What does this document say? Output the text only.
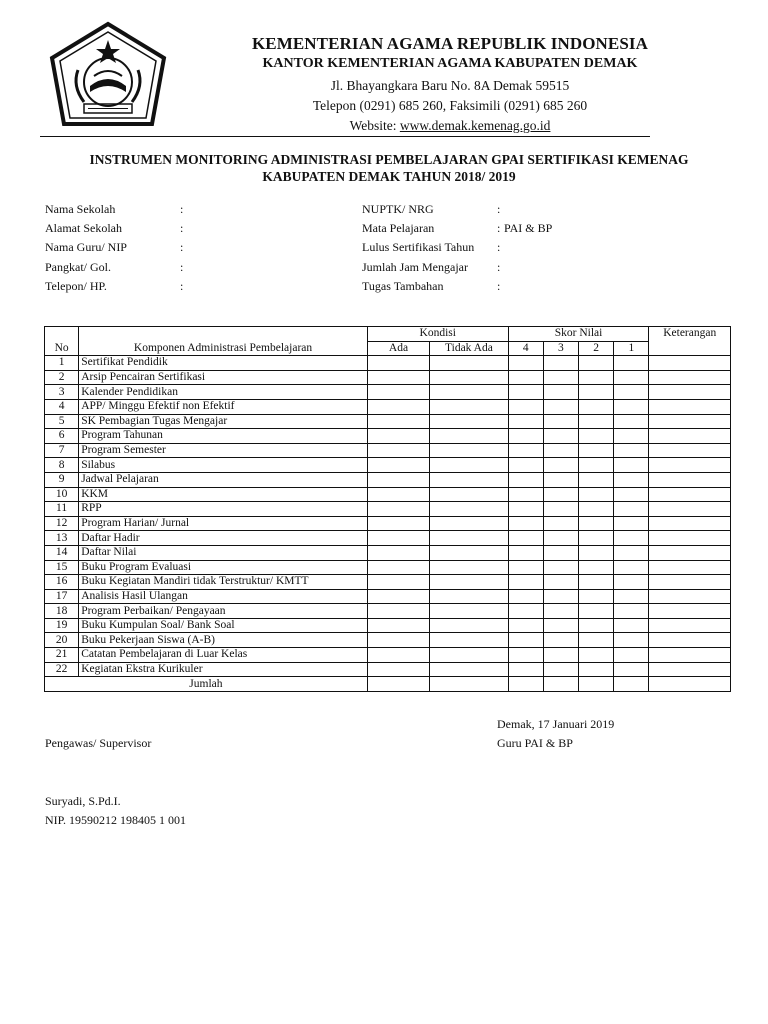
KEMENTERIAN AGAMA REPUBLIK INDONESIA
KANTOR KEMENTERIAN AGAMA KABUPATEN DEMAK
Jl. Bhayangkara Baru No. 8A Demak 59515
Telepon (0291) 685 260, Faksimili (0291) 685 260
Website: www.demak.kemenag.go.id
INSTRUMEN MONITORING ADMINISTRASI PEMBELAJARAN GPAI SERTIFIKASI KEMENAG
KABUPATEN DEMAK TAHUN 2018/ 2019
Nama Sekolah	:
Alamat Sekolah	:
Nama Guru/ NIP	:
Pangkat/ Gol.	:
Telepon/ HP.	:
NUPTK/ NRG	:
Mata Pelajaran	: PAI & BP
Lulus Sertifikasi Tahun :
Jumlah Jam Mengajar :
Tugas Tambahan	:
No	Komponen Administrasi Pembelajaran	Kondisi		Skor Nilai				Keterangan
		Ada	Tidak Ada	4	3	2	1	
1	Sertifikat Pendidik							
2	Arsip Pencairan Sertifikasi							
3	Kalender Pendidikan							
4	APP/ Minggu Efektif non Efektif							
5	SK Pembagian Tugas Mengajar							
6	Program Tahunan							
7	Program Semester							
8	Silabus							
9	Jadwal Pelajaran							
10	KKM							
11	RPP							
12	Program Harian/ Jurnal							
13	Daftar Hadir							
14	Daftar Nilai							
15	Buku Program Evaluasi							
16	Buku Kegiatan Mandiri tidak Terstruktur/ KMTT							
17	Analisis Hasil Ulangan							
18	Program Perbaikan/ Pengayaan							
19	Buku Kumpulan Soal/ Bank Soal							
20	Buku Pekerjaan Siswa (A-B)							
21	Catatan Pembelajaran di Luar Kelas							
22	Kegiatan Ekstra Kurikuler							
Jumlah								
Demak, 17 Januari 2019
Pengawas/ Supervisor	Guru PAI & BP
Suryadi, S.Pd.I.
NIP. 19590212 198405 1 001
